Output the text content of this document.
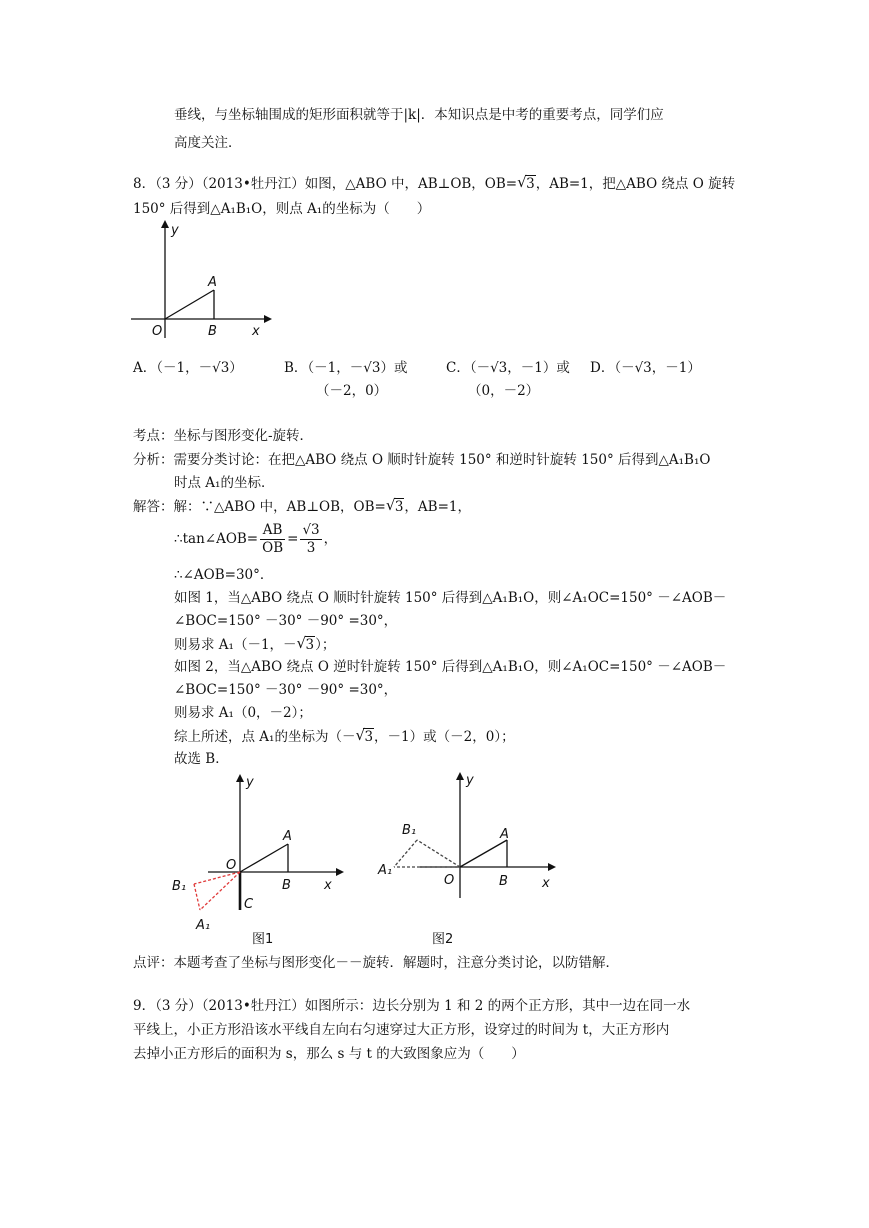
垂线，与坐标轴围成的矩形面积就等于|k|．本知识点是中考的重要考点，同学们应
高度关注．
8．（3 分）（2013•牡丹江）如图，△ABO 中，AB⊥OB，OB= √ 3，AB=1，把△ABO 绕点 O 旋转
150° 后得到△A₁B₁O，则点 A₁的坐标为（　　）
y
x
O
A
B
A．（－1，－√3）	B．（－1，－√3）或
（－2，0）
C．（－√3，－1）或
（0，－2）
D．（－√3，－1）
考点：坐标与图形变化-旋转．
分析：需要分类讨论：在把△ABO 绕点 O 顺时针旋转 150° 和逆时针旋转 150° 后得到△A₁B₁O
时点 A₁的坐标．
解答：解：∵△ABO 中，AB⊥OB，OB= √ 3，AB=1，
∴tan∠AOB= $\frac{AB}{OB} = \frac{√3}{3}$ ，
∴∠AOB=30°．
如图 1，当△ABO 绕点 O 顺时针旋转 150° 后得到△A₁B₁O，则∠A₁OC=150° －∠AOB－
∠BOC=150° －30° －90° =30°，
则易求 A₁（－1，－ √ 3）；
如图 2，当△ABO 绕点 O 逆时针旋转 150° 后得到△A₁B₁O，则∠A₁OC=150° －∠AOB－
∠BOC=150° －30° －90° =30°，
则易求 A₁（0，－2）；
综上所述，点 A₁的坐标为（－ √ 3，－1）或（－2，0）；
故选 B．
y
x
O
A
B
B₁
A₁
C
图1
y
x
O
A
B
B₁
A₁
图2
点评：本题考查了坐标与图形变化－－旋转．解题时，注意分类讨论，以防错解．
9．（3 分）（2013•牡丹江）如图所示：边长分别为 1 和 2 的两个正方形，其中一边在同一水
平线上，小正方形沿该水平线自左向右匀速穿过大正方形，设穿过的时间为 t，大正方形内
去掉小正方形后的面积为 s，那么 s 与 t 的大致图象应为（　　）
